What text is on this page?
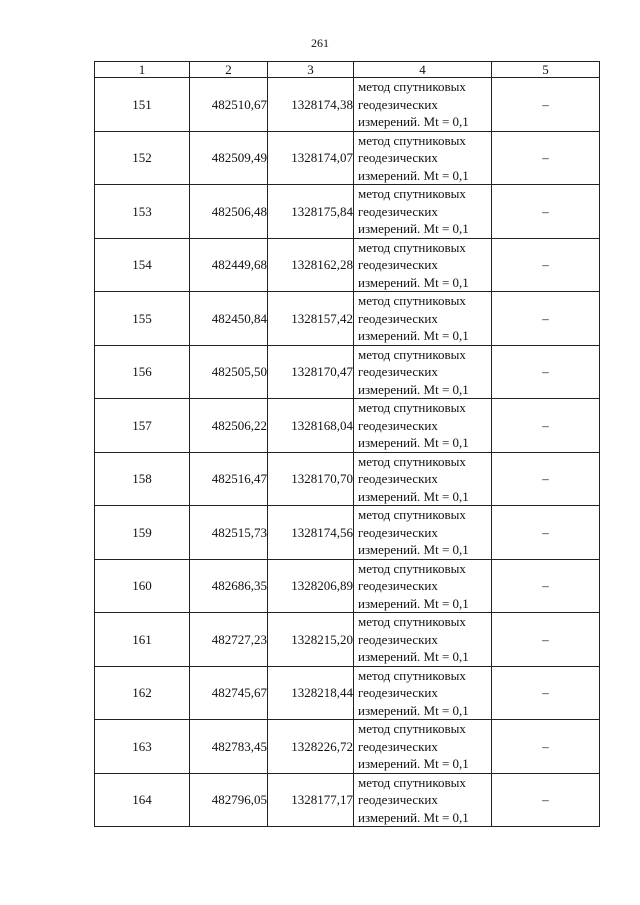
261
1	2	3	4	5
151	482510,67	1328174,38	метод спутниковых
геодезических
измерений. Mt = 0,1	–
152	482509,49	1328174,07	метод спутниковых
геодезических
измерений. Mt = 0,1	–
153	482506,48	1328175,84	метод спутниковых
геодезических
измерений. Mt = 0,1	–
154	482449,68	1328162,28	метод спутниковых
геодезических
измерений. Mt = 0,1	–
155	482450,84	1328157,42	метод спутниковых
геодезических
измерений. Mt = 0,1	–
156	482505,50	1328170,47	метод спутниковых
геодезических
измерений. Mt = 0,1	–
157	482506,22	1328168,04	метод спутниковых
геодезических
измерений. Mt = 0,1	–
158	482516,47	1328170,70	метод спутниковых
геодезических
измерений. Mt = 0,1	–
159	482515,73	1328174,56	метод спутниковых
геодезических
измерений. Mt = 0,1	–
160	482686,35	1328206,89	метод спутниковых
геодезических
измерений. Mt = 0,1	–
161	482727,23	1328215,20	метод спутниковых
геодезических
измерений. Mt = 0,1	–
162	482745,67	1328218,44	метод спутниковых
геодезических
измерений. Mt = 0,1	–
163	482783,45	1328226,72	метод спутниковых
геодезических
измерений. Mt = 0,1	–
164	482796,05	1328177,17	метод спутниковых
геодезических
измерений. Mt = 0,1	–
